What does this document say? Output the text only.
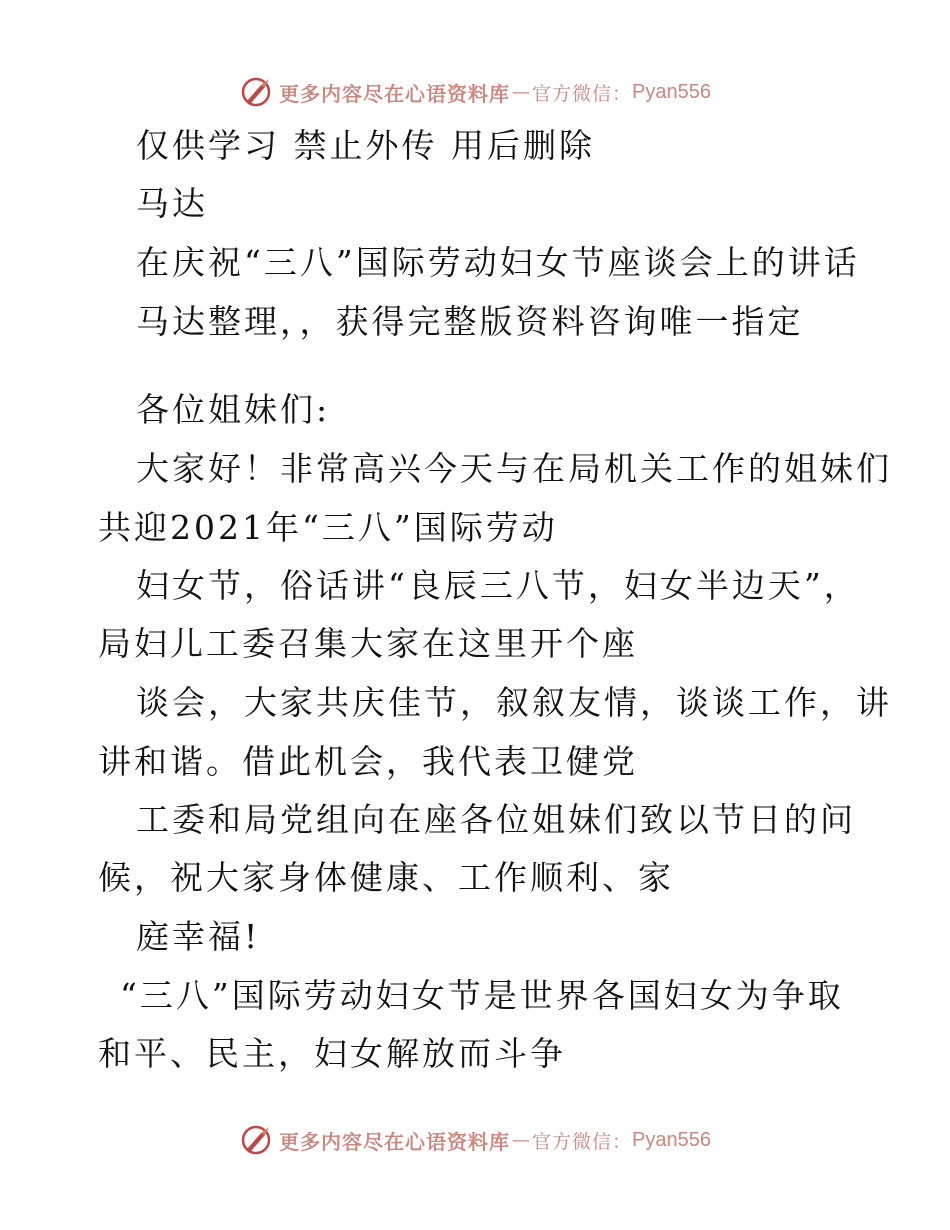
更多内容尽在心语资料库 — 官方微信： Pyan556
仅供学习 禁止外传 用后删除
马达
在庆祝“三八”国际劳动妇女节座谈会上的讲话
马达整理，，获得完整版资料咨询唯一指定
各位姐妹们:
大家好！非常高兴今天与在局机关工作的姐妹们
共迎2021年“三八”国际劳动
妇女节，俗话讲“良辰三八节，妇女半边天”，
局妇儿工委召集大家在这里开个座
谈会，大家共庆佳节，叙叙友情，谈谈工作，讲
讲和谐。借此机会，我代表卫健党
工委和局党组向在座各位姐妹们致以节日的问
候，祝大家身体健康、工作顺利、家
庭幸福!
“三八”国际劳动妇女节是世界各国妇女为争取
和平、民主，妇女解放而斗争
更多内容尽在心语资料库 — 官方微信： Pyan556
